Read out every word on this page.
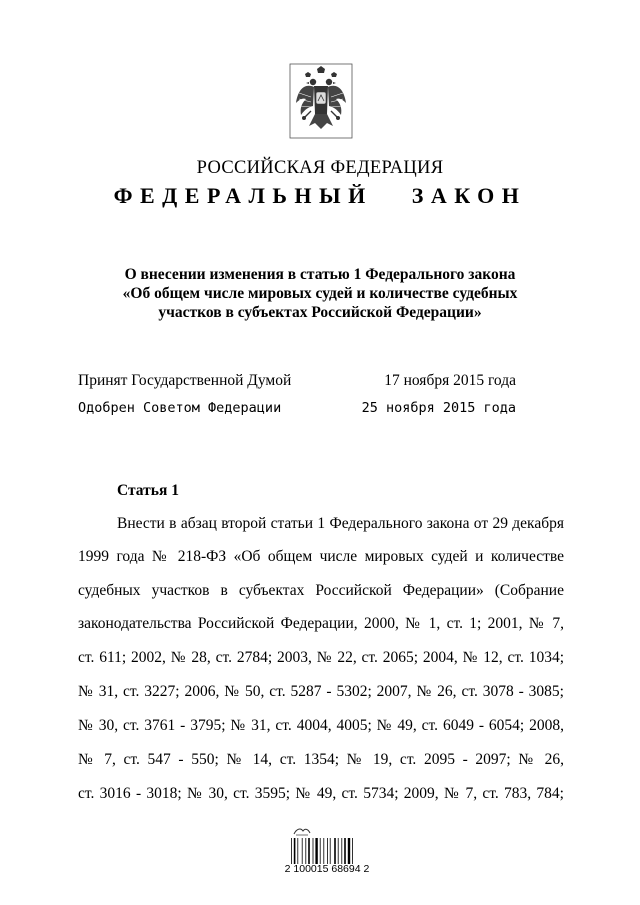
РОССИЙСКАЯ ФЕДЕРАЦИЯ
ФЕДЕРАЛЬНЫЙ   ЗАКОН
О внесении изменения в статью 1 Федерального закона
«Об общем числе мировых судей и количестве судебных
участков в субъектах Российской Федерации»
Принят Государственной Думой	17 ноября 2015 года
Одобрен Советом Федерации	25 ноября 2015 года
Статья 1
Внести в абзац второй статьи 1 Федерального закона от 29 декабря
1999 года № 218-ФЗ «Об общем числе мировых судей и количестве
судебных участков в субъектах Российской Федерации» (Собрание
законодательства Российской Федерации, 2000, № 1, ст. 1; 2001, № 7,
ст. 611; 2002, № 28, ст. 2784; 2003, № 22, ст. 2065; 2004, № 12, ст. 1034;
№ 31, ст. 3227; 2006, № 50, ст. 5287 - 5302; 2007, № 26, ст. 3078 - 3085;
№ 30, ст. 3761 - 3795; № 31, ст. 4004, 4005; № 49, ст. 6049 - 6054; 2008,
№ 7, ст. 547 - 550; № 14, ст. 1354; № 19, ст. 2095 - 2097; № 26,
ст. 3016 - 3018; № 30, ст. 3595; № 49, ст. 5734; 2009, № 7, ст. 783, 784;
2 100015 68694 2
